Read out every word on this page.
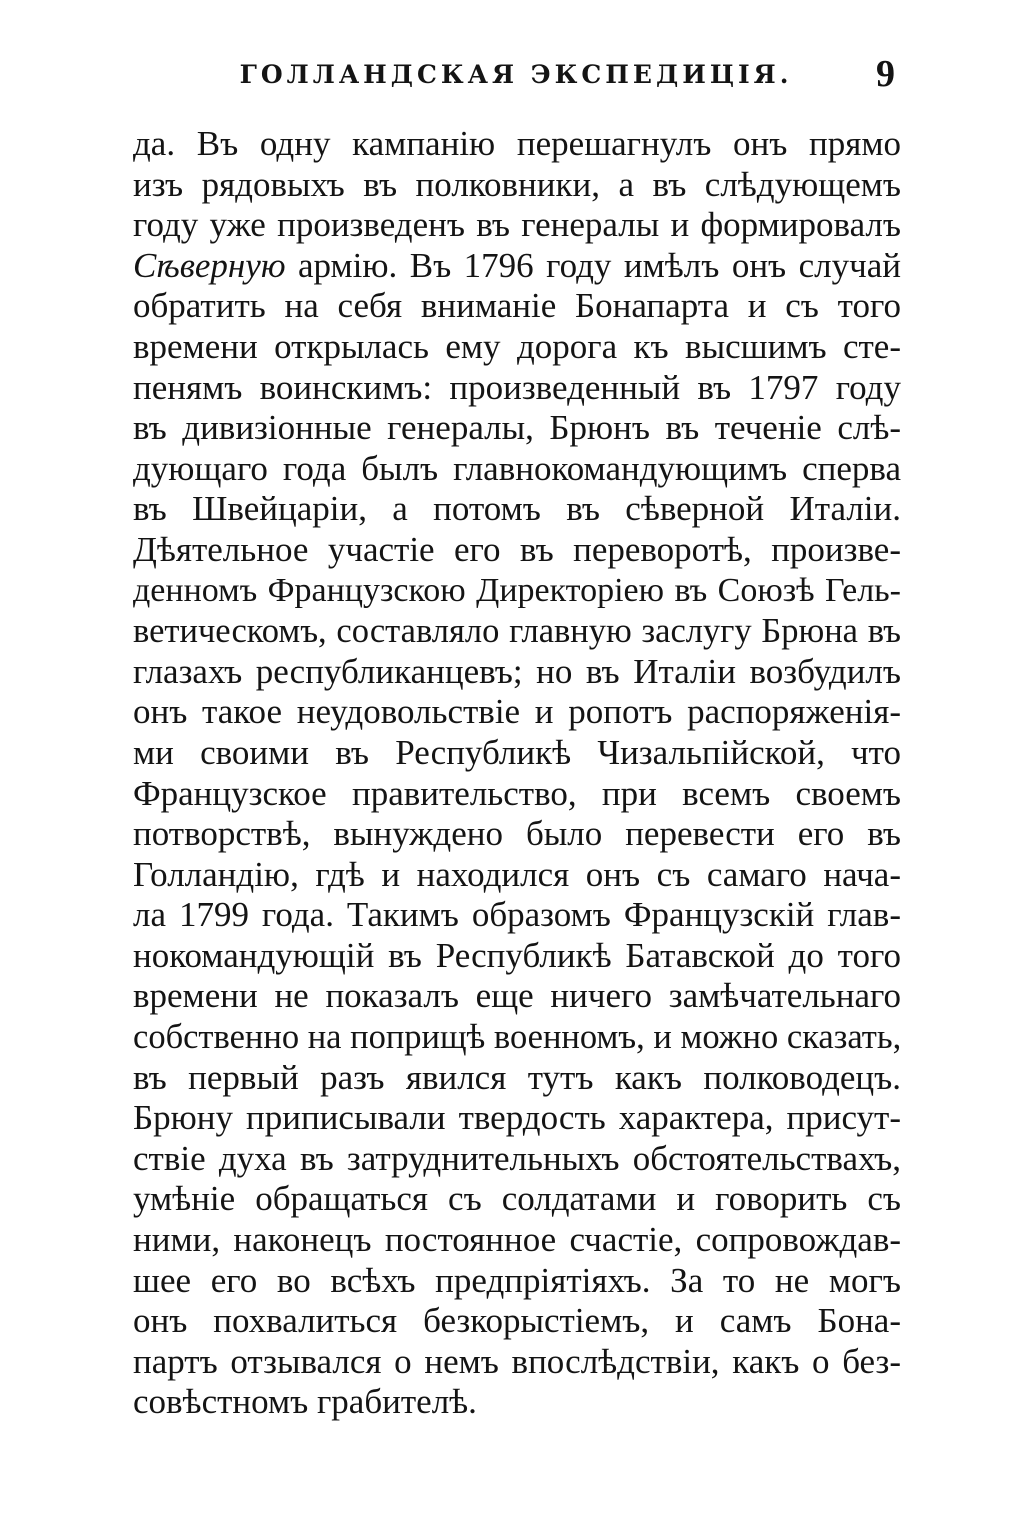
ГОЛЛАНДСКАЯ ЭКСПЕДИЦІЯ.	9
да. Въ одну кампанію перешагнулъ онъ прямо
изъ рядовыхъ въ полковники, а въ слѣдующемъ
году уже произведенъ въ генералы и формировалъ
Сѣверную армію. Въ 1796 году имѣлъ онъ случай
обратить на себя вниманіе Бонапарта и съ того
времени открылась ему дорога къ высшимъ сте-
пенямъ воинскимъ: произведенный въ 1797 году
въ дивизіонные генералы, Брюнъ въ теченіе слѣ-
дующаго года былъ главнокомандующимъ сперва
въ Швейцаріи, а потомъ въ сѣверной Италіи.
Дѣятельное участіе его въ переворотѣ, произве-
денномъ Французскою Директоріею въ Союзѣ Гель-
ветическомъ, составляло главную заслугу Брюна въ
глазахъ республиканцевъ; но въ Италіи возбудилъ
онъ такое неудовольствіе и ропотъ распоряженія-
ми своими въ Республикѣ Чизальпійской, что
Французское правительство, при всемъ своемъ
потворствѣ, вынуждено было перевести его въ
Голландію, гдѣ и находился онъ съ самаго нача-
ла 1799 года. Такимъ образомъ Французскій глав-
нокомандующій въ Республикѣ Батавской до того
времени не показалъ еще ничего замѣчательнаго
собственно на поприщѣ военномъ, и можно сказать,
въ первый разъ явился тутъ какъ полководецъ.
Брюну приписывали твердость характера, присут-
ствіе духа въ затруднительныхъ обстоятельствахъ,
умѣніе обращаться съ солдатами и говорить съ
ними, наконецъ постоянное счастіе, сопровождав-
шее его во всѣхъ предпріятіяхъ. За то не могъ
онъ похвалиться безкорыстіемъ, и самъ Бона-
партъ отзывался о немъ впослѣдствіи, какъ о без-
совѣстномъ грабителѣ.
